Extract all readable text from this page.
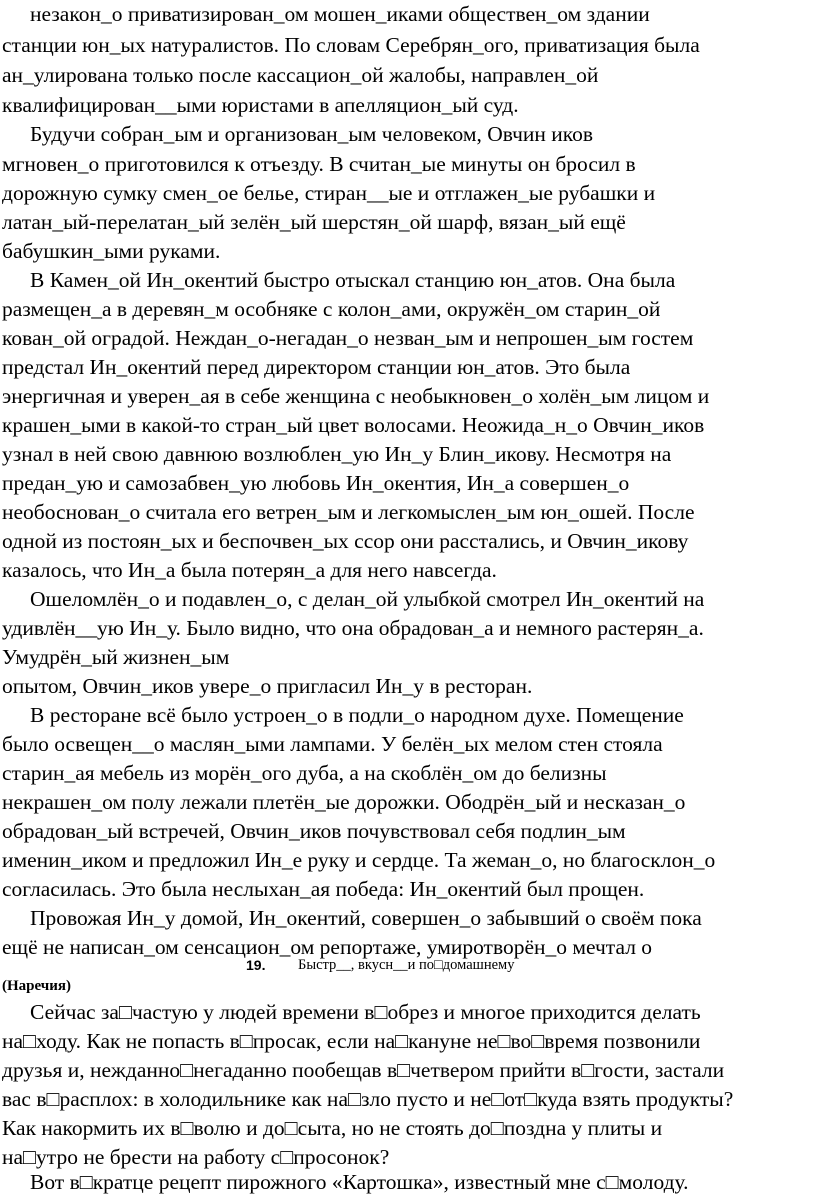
незакон_о приватизирован_ом мошен_иками обществен_ом здании
станции юн_ых натуралистов. По словам Серебрян_ого, приватизация была
ан_улирована только после кассацион_ой жалобы, направлен_ой
квалифицирован__ыми юристами в апелляцион_ый суд.
Будучи собран_ым и организован_ым человеком, Овчин иков
мгновен_о приготовился к отъезду. В считан_ые минуты он бросил в
дорожную сумку смен_ое белье, стиран__ые и отглажен_ые рубашки и
латан_ый-перелатан_ый зелён_ый шерстян_ой шарф, вязан_ый ещё
бабушкин_ыми руками.
В Камен_ой Ин_окентий быстро отыскал станцию юн_атов. Она была
размещен_а в деревян_м особняке с колон_ами, окружён_ом старин_ой
кован_ой оградой. Неждан_о-негадан_о незван_ым и непрошен_ым гостем
предстал Ин_окентий перед директором станции юн_атов. Это была
энергичная и уверен_ая в себе женщина с необыкновен_о холён_ым лицом и
крашен_ыми в какой-то стран_ый цвет волосами. Неожида_н_о Овчин_иков
узнал в ней свою давнюю возлюблен_ую Ин_у Блин_икову. Несмотря на
предан_ую и самозабвен_ую любовь Ин_окентия, Ин_а совершен_о
необоснован_о считала его ветрен_ым и легкомыслен_ым юн_ошей. После
одной из постоян_ых и беспочвен_ых ссор они расстались, и Овчин_икову
казалось, что Ин_а была потерян_а для него навсегда.
Ошеломлён_о и подавлен_о, с делан_ой улыбкой смотрел Ин_окентий на
удивлён__ую Ин_у. Было видно, что она обрадован_а и немного растерян_а.
Умудрён_ый жизнен_ым
опытом, Овчин_иков увере_о пригласил Ин_у в ресторан.
В ресторане всё было устроен_о в подли_о народном духе. Помещение
было освещен__о маслян_ыми лампами. У белён_ых мелом стен стояла
старин_ая мебель из морён_ого дуба, а на скоблён_ом до белизны
некрашен_ом полу лежали плетён_ые дорожки. Ободрён_ый и несказан_о
обрадован_ый встречей, Овчин_иков почувствовал себя подлин_ым
именин_иком и предложил Ин_е руку и сердце. Та жеман_о, но благосклон_о
согласилась. Это была неслыхан_ая победа: Ин_окентий был прощен.
Провожая Ин_у домой, Ин_окентий, совершен_о забывший о своём пока
ещё не написан_ом сенсацион_ом репортаже, умиротворён_о мечтал о
19. Быстр__, вкусн__и по□домашнему
(Наречия)
Сейчас за□частую у людей времени в□обрез и многое приходится делать
на□ходу. Как не попасть в□просак, если на□кануне не□во□время позвонили
друзья и, нежданно□негаданно пообещав в□четвером прийти в□гости, застали
вас в□расплох: в холодильнике как на□зло пусто и не□от□куда взять продукты?
Как накормить их в□волю и до□сыта, но не стоять до□поздна у плиты и
на□утро не брести на работу с□просонок?
Вот в□кратце рецепт пирожного «Картошка», известный мне с□молоду.
